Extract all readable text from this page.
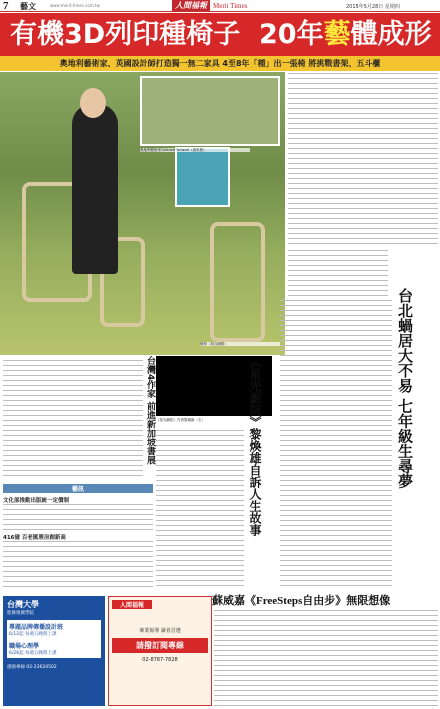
7 藝文	www.merit-times.com.tw	人間福報 Merit Times	2015年5月28日 星期四
有機3D列印種椅子 20年藝體成形
奧地利藝術家、英國設計師打造獨一無二家具 4至8年「種」出一張椅 將挑戰書架、五斗櫃
奧地利藝術家Gerhard Scherzl（資料照）
種椅（取自網路）	台北蝸居大不易 七年級生尋夢
台灣4作家 前進新加坡書展 《星光劇院》作者黎煥雄（右）	《星光劇院》黎煥雄自訴人生故事
藝訊
文化部推動出版統一定價制
416億 百老匯票房創新高
蘇威嘉《FreeSteps自由步》無限想像
台灣大學
進修推廣學院
專題品牌傳播設計班
6/12起 每週五晚間上課
職場心理學
6/26起 每週五晚間上課
諮詢專線 02-23620502
人間福報
專業報導 讀者首選
請撥訂閱專線
02-8787-7828
